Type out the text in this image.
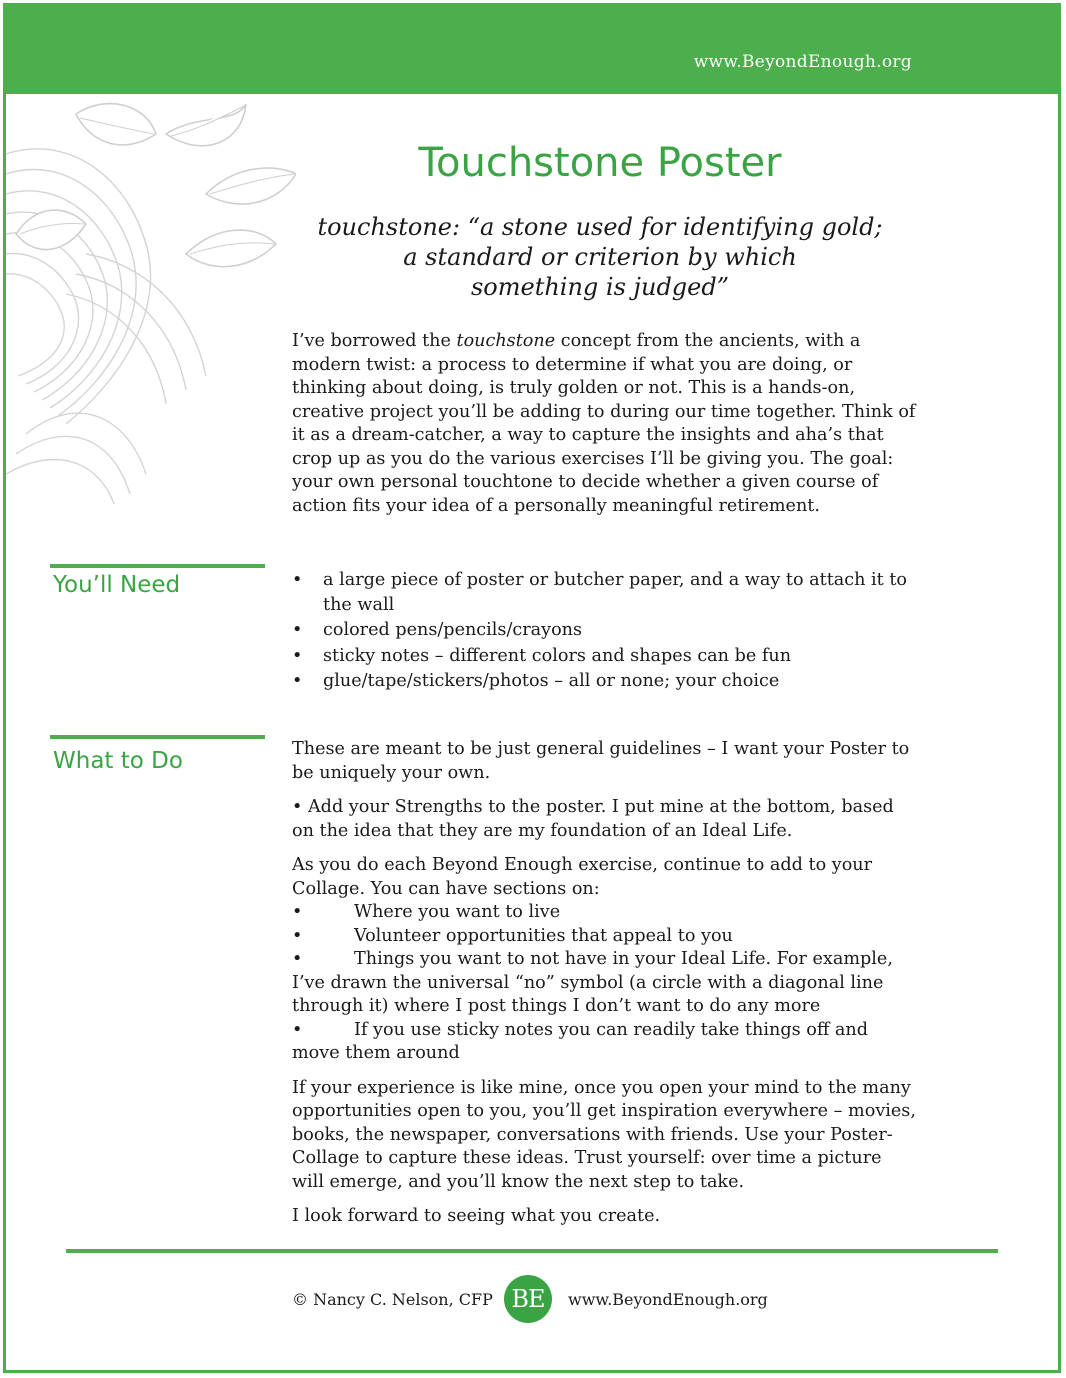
www.BeyondEnough.org
Touchstone Poster
touchstone: “a stone used for identifying gold;
a standard or criterion by which
something is judged”

I’ve borrowed the touchstone concept from the ancients, with a modern twist: a process to determine if what you are doing, or thinking about doing, is truly golden or not. This is a hands-on, creative project you’ll be adding to during our time together. Think of it as a dream-catcher, a way to capture the insights and aha’s that crop up as you do the various exercises I’ll be giving you. The goal: your own personal touchtone to decide whether a given course of action fits your idea of a personally meaningful retirement.

You’ll Need
•	a large piece of poster or butcher paper, and a way to attach it to the wall
• colored pens/pencils/crayons
• sticky notes – different colors and shapes can be fun
• glue/tape/stickers/photos – all or none; your choice
What to Do	These are meant to be just general guidelines – I want your Poster to be uniquely your own.

• Add your Strengths to the poster. I put mine at the bottom, based on the idea that they are my foundation of an Ideal Life.

As you do each Beyond Enough exercise, continue to add to your Collage. You can have sections on:
•	Where you want to live
•	Volunteer opportunities that appeal to you
•	Things you want to not have in your Ideal Life. For example, I’ve drawn the universal “no” symbol (a circle with a diagonal line through it) where I post things I don’t want to do any more
•	If you use sticky notes you can readily take things off and move them around

If your experience is like mine, once you open your mind to the many opportunities open to you, you’ll get inspiration everywhere – movies, books, the newspaper, conversations with friends. Use your Poster-Collage to capture these ideas. Trust yourself: over time a picture will emerge, and you’ll know the next step to take.

I look forward to seeing what you create.

© Nancy C. Nelson, CFP BE	www.BeyondEnough.org
